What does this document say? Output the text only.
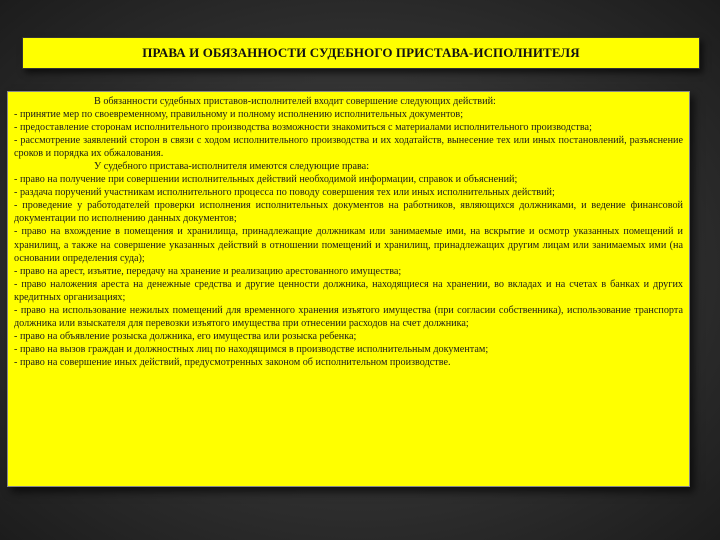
ПРАВА И ОБЯЗАННОСТИ СУДЕБНОГО ПРИСТАВА-ИСПОЛНИТЕЛЯ

В обязанности судебных приставов-исполнителей входит совершение следующих действий:

- принятие мер по своевременному, правильному и полному исполнению исполнительных документов;

- предоставление сторонам исполнительного производства возможности знакомиться с материалами исполнительного производства;

- рассмотрение заявлений сторон в связи с ходом исполнительного производства и их ходатайств, вынесение тех или иных постановлений, разъяснение сроков и порядка их обжалования.

У судебного пристава-исполнителя имеются следующие права:

- право на получение при совершении исполнительных действий необходимой информации, справок и объяснений;

- раздача поручений участникам исполнительного процесса по поводу совершения тех или иных исполнительных действий;

- проведение у работодателей проверки исполнения исполнительных документов на работников, являющихся должниками, и ведение финансовой документации по исполнению данных документов;

- право на вхождение в помещения и хранилища, принадлежащие должникам или занимаемые ими, на вскрытие и осмотр указанных помещений и хранилищ, а также на совершение указанных действий в отношении помещений и хранилищ, принадлежащих другим лицам или занимаемых ими (на основании определения суда);

- право на арест, изъятие, передачу на хранение и реализацию арестованного имущества;

- право наложения ареста на денежные средства и другие ценности должника, находящиеся на хранении, во вкладах и на счетах в банках и других кредитных организациях;

- право на использование нежилых помещений для временного хранения изъятого имущества (при согласии собственника), использование транспорта должника или взыскателя для перевозки изъятого имущества при отнесении расходов на счет должника;

- право на объявление розыска должника, его имущества или розыска ребенка;

- право на вызов граждан и должностных лиц по находящимся в производстве исполнительным документам;

- право на совершение иных действий, предусмотренных законом об исполнительном производстве.
